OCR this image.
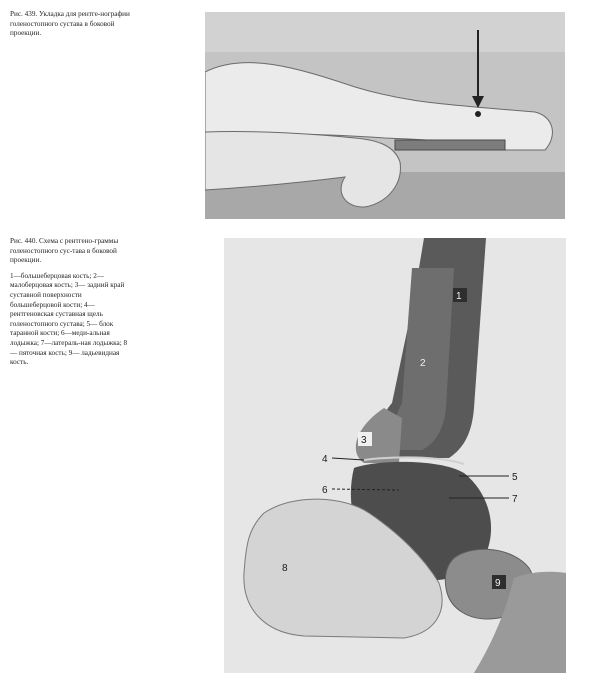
Рис. 439. Укладка для рентге-нографии голеностопного сустава в боковой проекции.

Рис. 440. Схема с рентгено-граммы голеностопного сус-тава в боковой проекции.

1—большеберцовая кость; 2— малоберцовая кость; 3— задний край суставной поверхности большеберцовой кости; 4— рентгеновская суставная щель голеностопного сустава; 5— блок таранной кости; 6—меди-альная лодыжка; 7—латераль-ная лодыжка; 8— пяточная кость; 9— ладьевидная кость.

1
2
3
4
5
6
7
8
9
